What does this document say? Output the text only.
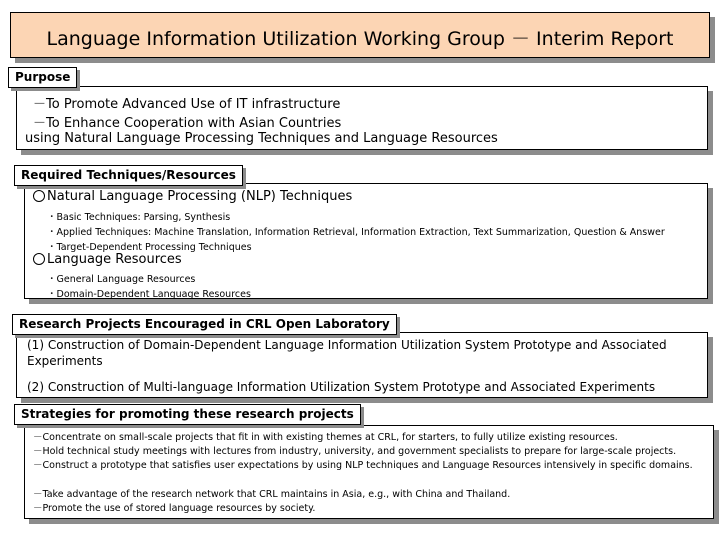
Language Information Utilization Working Group － Interim Report
Purpose
－To Promote Advanced Use of IT infrastructure
－To Enhance Cooperation with Asian Countries
using Natural Language Processing Techniques and Language Resources
Required Techniques/Resources
Natural Language Processing (NLP) Techniques
・Basic Techniques: Parsing, Synthesis
・Applied Techniques: Machine Translation, Information Retrieval, Information Extraction, Text Summarization, Question & Answer
・Target-Dependent Processing Techniques
Language Resources
・General Language Resources
・Domain-Dependent Language Resources
Research Projects Encouraged in CRL Open Laboratory
(1) Construction of Domain-Dependent Language Information Utilization System Prototype and Associated Experiments
(2) Construction of Multi-language Information Utilization System Prototype and Associated Experiments
Strategies for promoting these research projects
－Concentrate on small-scale projects that fit in with existing themes at CRL, for starters, to fully utilize existing resources.
－Hold technical study meetings with lectures from industry, university, and government specialists to prepare for large-scale projects.
－Construct a prototype that satisfies user expectations by using NLP techniques and Language Resources intensively in specific domains.
－Take advantage of the research network that CRL maintains in Asia, e.g., with China and Thailand.
－Promote the use of stored language resources by society.
